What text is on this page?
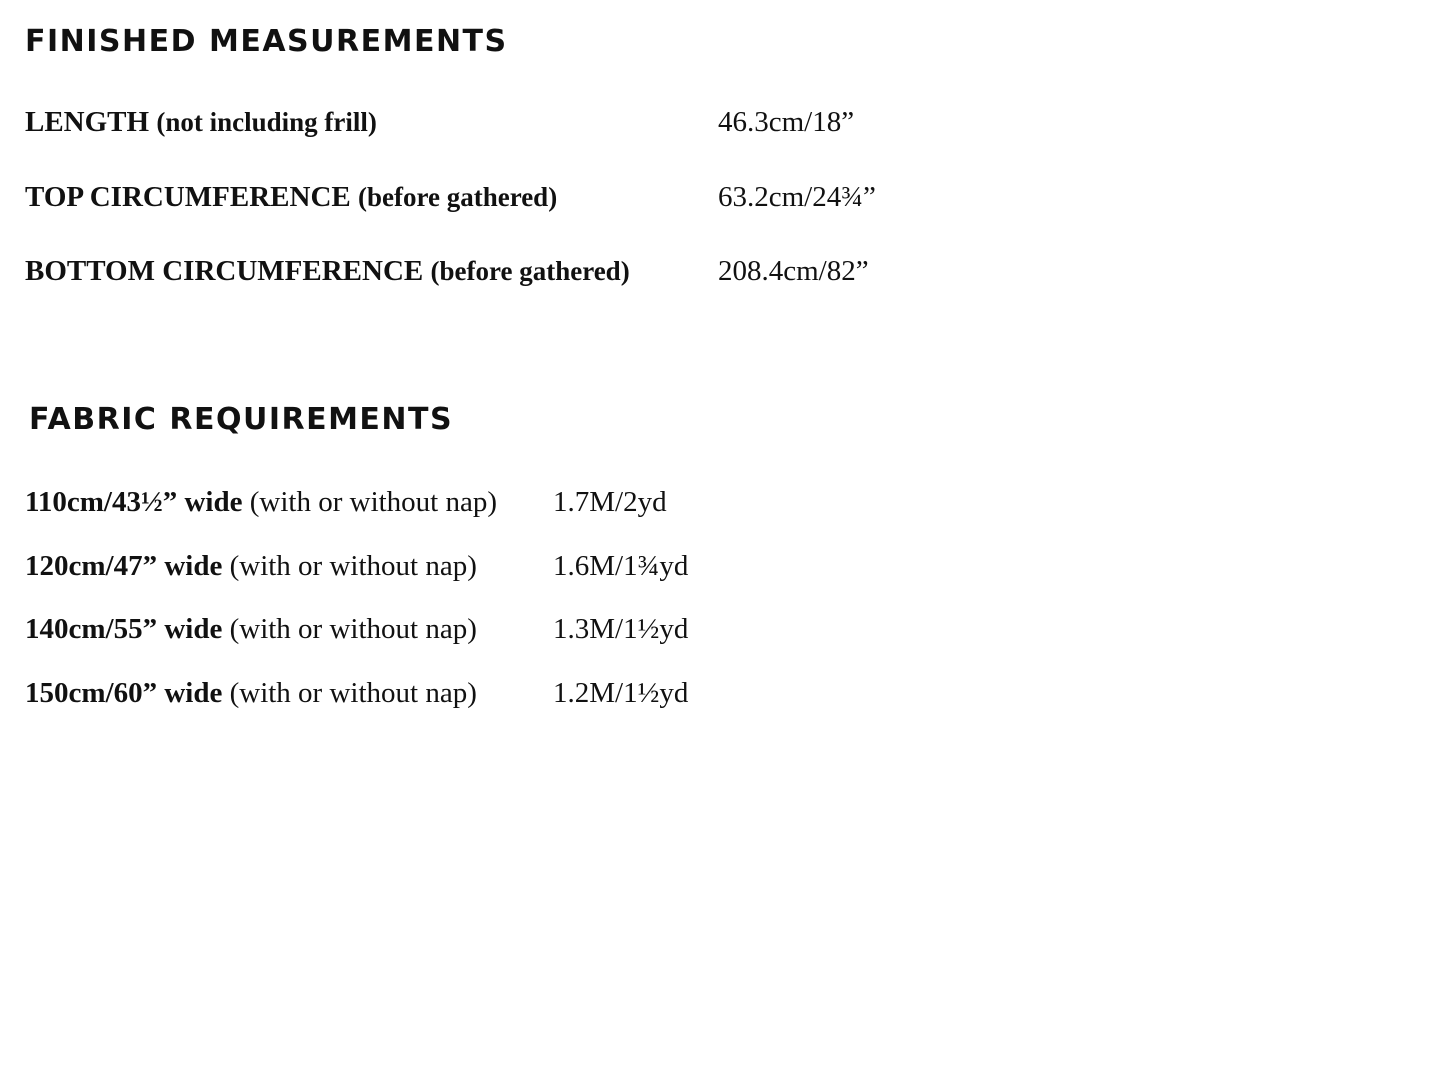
FINISHED MEASUREMENTS
LENGTH (not including frill)	46.3cm/18”
TOP CIRCUMFERENCE (before gathered)	63.2cm/24¾”
BOTTOM CIRCUMFERENCE (before gathered)	208.4cm/82”
FABRIC REQUIREMENTS
110cm/43½” wide (with or without nap) 1.7M/2yd
120cm/47” wide (with or without nap)	1.6M/1¾yd
140cm/55” wide (with or without nap)	1.3M/1½yd
150cm/60” wide (with or without nap)	1.2M/1½yd
